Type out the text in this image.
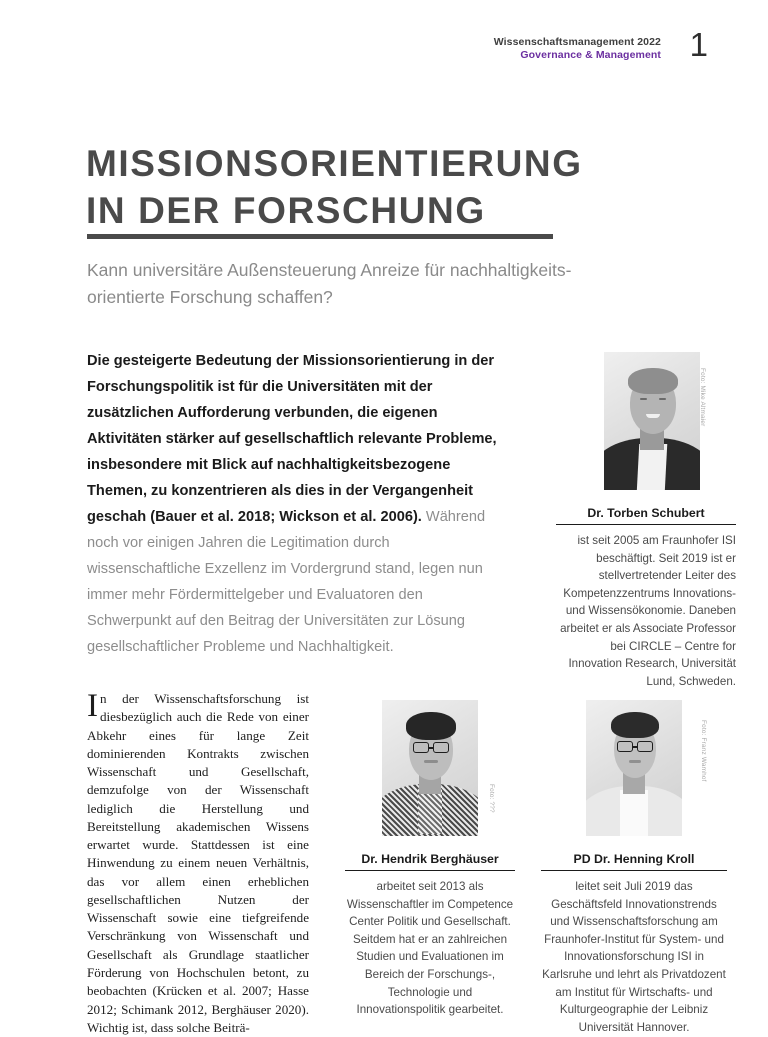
Wissenschaftsmanagement 2022
Governance & Management 1
MISSIONSORIENTIERUNG
IN DER FORSCHUNG
Kann universitäre Außensteuerung Anreize für nachhaltigkeits-orientierte Forschung schaffen?
Die gesteigerte Bedeutung der Missionsorientierung in der Forschungspolitik ist für die Universitäten mit der zusätzlichen Aufforderung verbunden, die eigenen Aktivitäten stärker auf gesellschaftlich relevante Probleme, insbesondere mit Blick auf nachhaltigkeitsbezogene Themen, zu konzentrieren als dies in der Vergangenheit geschah (Bauer et al. 2018; Wickson et al. 2006). Während noch vor einigen Jahren die Legitimation durch wissenschaftliche Exzellenz im Vordergrund stand, legen nun immer mehr Fördermittelgeber und Evaluatoren den Schwerpunkt auf den Beitrag der Universitäten zur Lösung gesellschaftlicher Probleme und Nachhaltigkeit.
Foto: Mike Altmaier
Dr. Torben Schubert
ist seit 2005 am Fraunhofer ISI beschäftigt. Seit 2019 ist er stellvertretender Leiter des Kompetenzzentrums Innovations- und Wissensökonomie. Daneben arbeitet er als Associate Professor bei CIRCLE – Centre for Innovation Research, Universität Lund, Schweden.
In der Wissenschaftsforschung ist diesbezüglich auch die Rede von einer Abkehr eines für lange Zeit dominierenden Kontrakts zwischen Wissenschaft und Gesellschaft, demzufolge von der Wissenschaft lediglich die Herstellung und Bereitstellung akademischen Wissens erwartet wurde. Stattdessen ist eine Hinwendung zu einem neuen Verhältnis, das vor allem einen erheblichen gesellschaftlichen Nutzen der Wissenschaft sowie eine tiefgreifende Verschränkung von Wissenschaft und Gesellschaft als Grundlage staatlicher Förderung von Hochschulen betont, zu beobachten (Krücken et al. 2007; Hasse 2012; Schimank 2012, Berghäuser 2020). Wichtig ist, dass solche Beiträ-
Foto: ???
Dr. Hendrik Berghäuser
arbeitet seit 2013 als Wissenschaftler im Competence Center Politik und Gesellschaft. Seitdem hat er an zahlreichen Studien und Evaluationen im Bereich der Forschungs-, Technologie und Innovationspolitik gearbeitet.
Foto: Franz Wamhof
PD Dr. Henning Kroll
leitet seit Juli 2019 das Geschäftsfeld Innovationstrends und Wissenschaftsforschung am Fraunhofer-Institut für System- und Innovationsforschung ISI in Karlsruhe und lehrt als Privatdozent am Institut für Wirtschafts- und Kulturgeographie der Leibniz Universität Hannover.
